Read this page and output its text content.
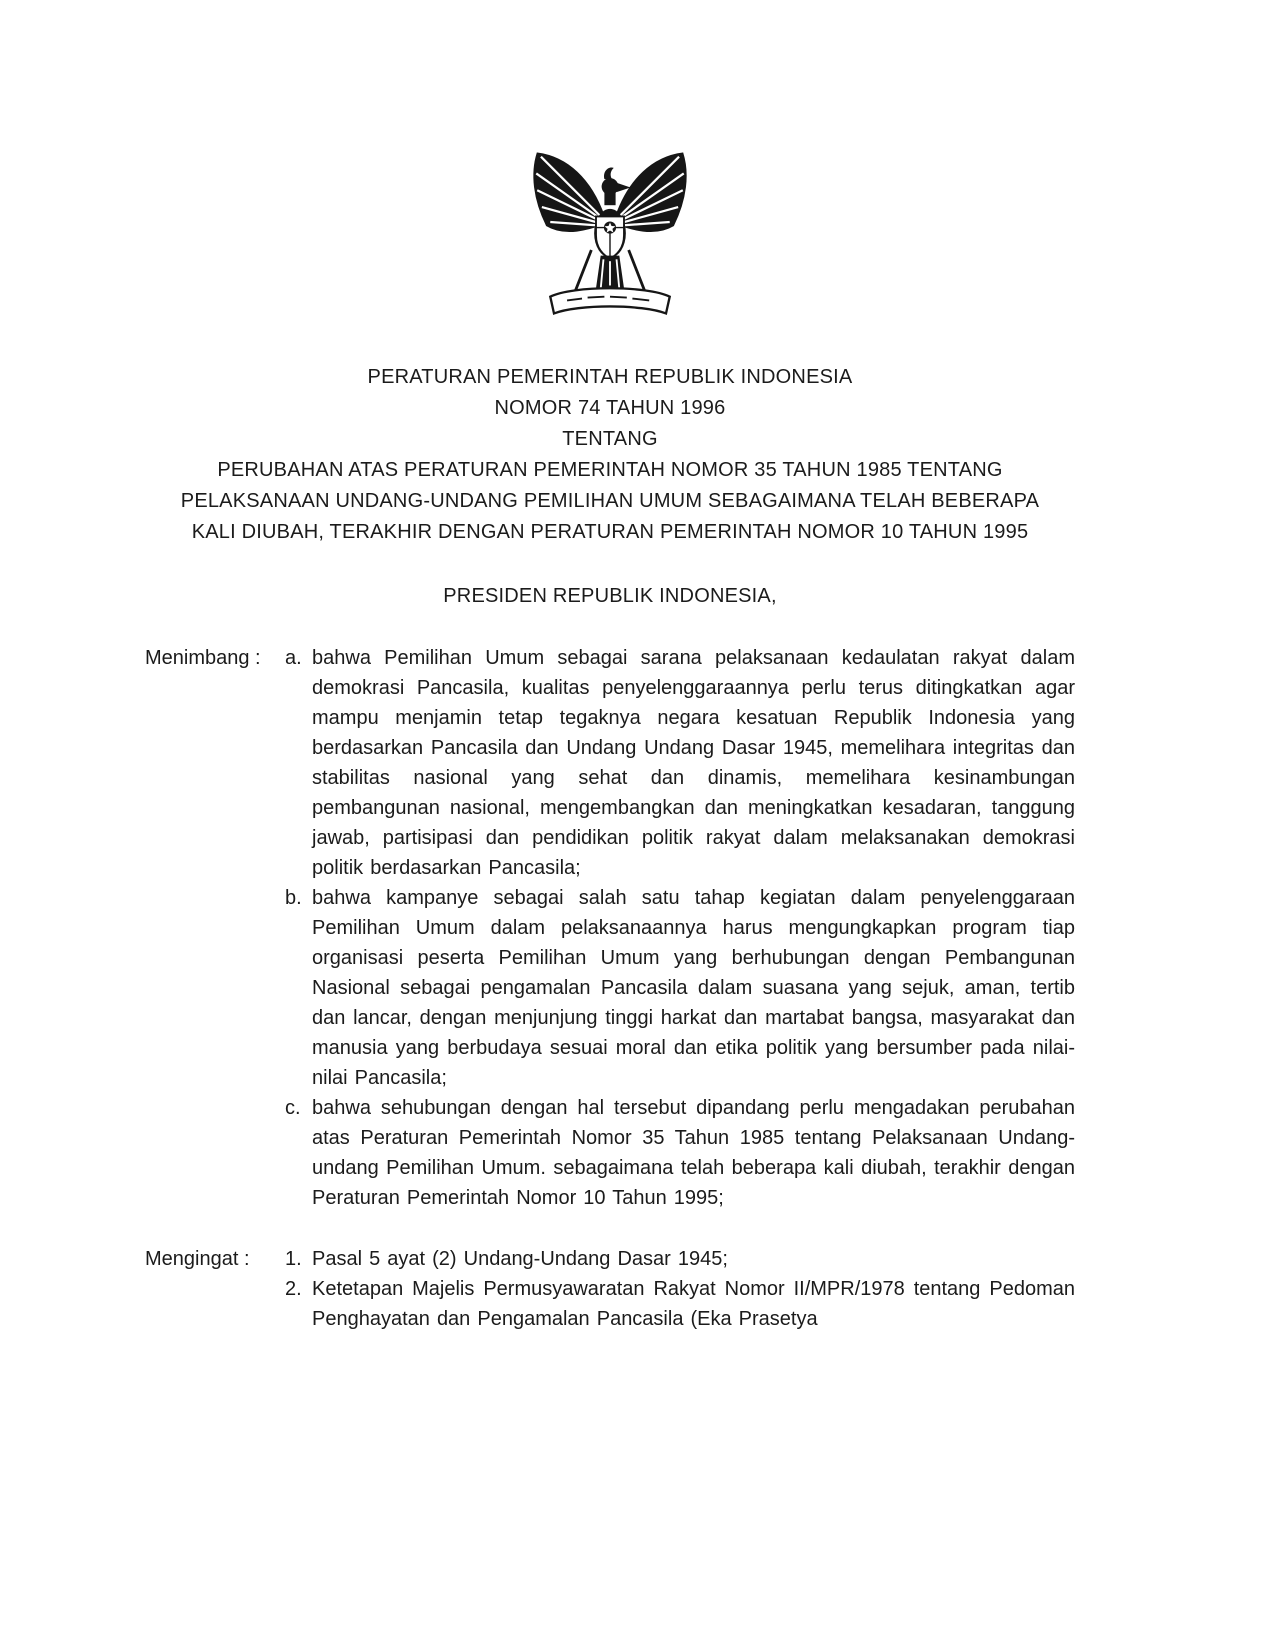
PERATURAN PEMERINTAH REPUBLIK INDONESIA
NOMOR 74 TAHUN 1996
TENTANG
PERUBAHAN ATAS PERATURAN PEMERINTAH NOMOR 35 TAHUN 1985 TENTANG
PELAKSANAAN UNDANG-UNDANG PEMILIHAN UMUM SEBAGAIMANA TELAH BEBERAPA
KALI DIUBAH, TERAKHIR DENGAN PERATURAN PEMERINTAH NOMOR 10 TAHUN 1995
PRESIDEN REPUBLIK INDONESIA,
Menimbang :	a. bahwa Pemilihan Umum sebagai sarana pelaksanaan kedaulatan rakyat dalam demokrasi Pancasila, kualitas penyelenggaraannya perlu terus ditingkatkan agar mampu menjamin tetap tegaknya negara kesatuan Republik Indonesia yang berdasarkan Pancasila dan Undang Undang Dasar 1945, memelihara integritas dan stabilitas nasional yang sehat dan dinamis, memelihara kesinambungan pembangunan nasional, mengembangkan dan meningkatkan kesadaran, tanggung jawab, partisipasi dan pendidikan politik rakyat dalam melaksanakan demokrasi politik berdasarkan Pancasila;
b. bahwa kampanye sebagai salah satu tahap kegiatan dalam penyelenggaraan Pemilihan Umum dalam pelaksanaannya harus mengungkapkan program tiap organisasi peserta Pemilihan Umum yang berhubungan dengan Pembangunan Nasional sebagai pengamalan Pancasila dalam suasana yang sejuk, aman, tertib dan lancar, dengan menjunjung tinggi harkat dan martabat bangsa, masyarakat dan manusia yang berbudaya sesuai moral dan etika politik yang bersumber pada nilai-nilai Pancasila;
c. bahwa sehubungan dengan hal tersebut dipandang perlu mengadakan perubahan atas Peraturan Pemerintah Nomor 35 Tahun 1985 tentang Pelaksanaan Undang-undang Pemilihan Umum. sebagaimana telah beberapa kali diubah, terakhir dengan Peraturan Pemerintah Nomor 10 Tahun 1995;
Mengingat :	1. Pasal 5 ayat (2) Undang-Undang Dasar 1945;
2. Ketetapan Majelis Permusyawaratan Rakyat Nomor II/MPR/1978 tentang Pedoman Penghayatan dan Pengamalan Pancasila (Eka Prasetya
